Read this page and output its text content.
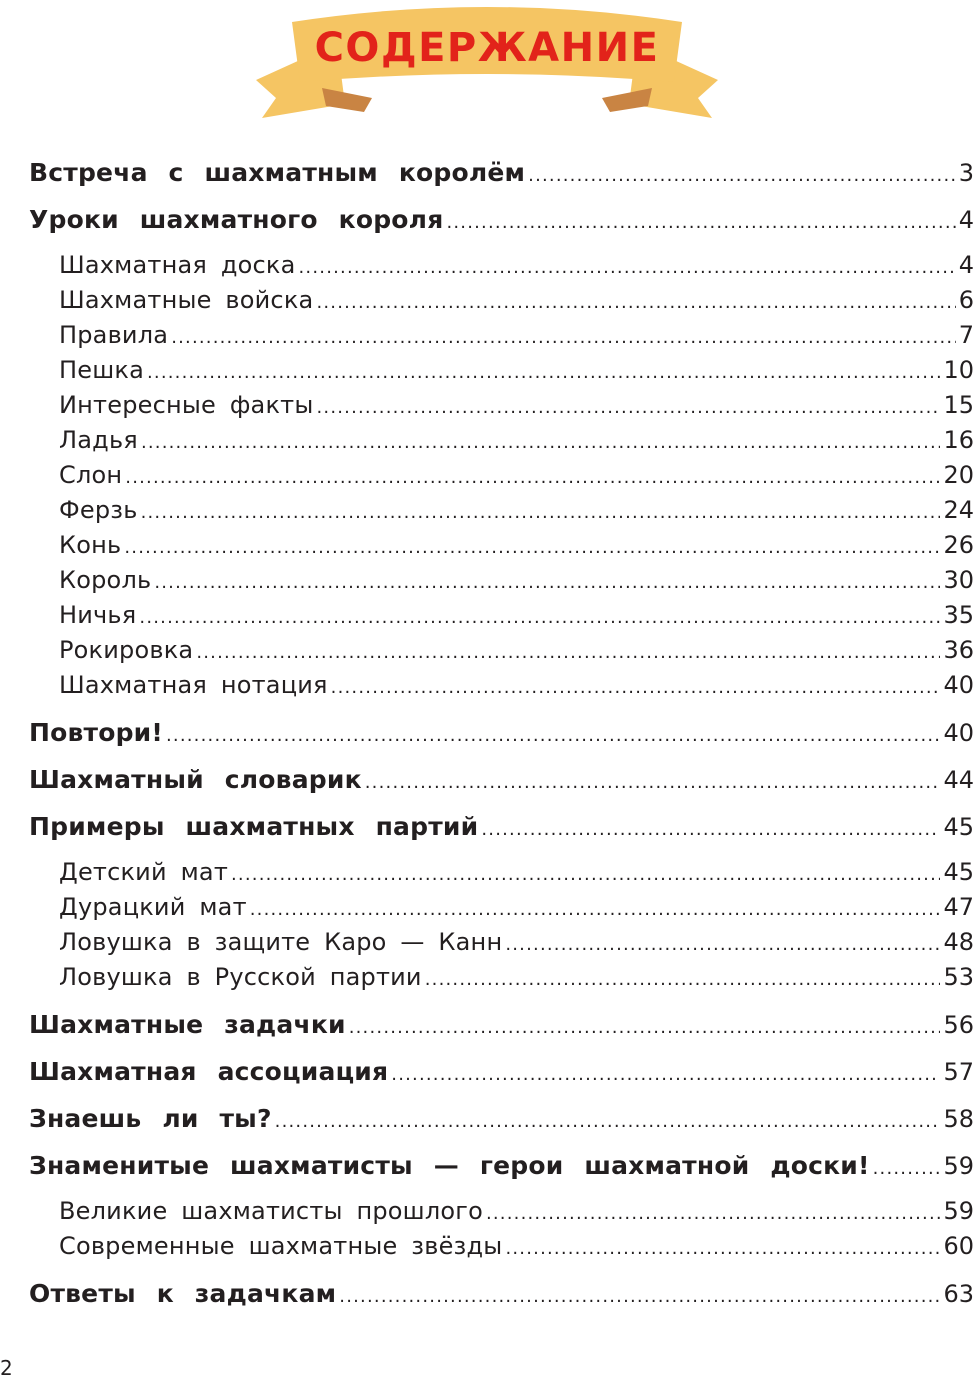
СОДЕРЖАНИЕ
Встреча с шахматным королём .....	3
Уроки шахматного короля .....	4
Шахматная доска .....	4
Шахматные войска .....	6
Правила .....	7
Пешка .....	10
Интересные факты .....	15
Ладья .....	16
Слон .....	20
Ферзь .....	24
Конь .....	26
Король .....	30
Ничья .....	35
Рокировка .....	36
Шахматная нотация .....	40
Повтори! .....	40
Шахматный словарик .....	44
Примеры шахматных партий .....	45
Детский мат .....	45
Дурацкий мат .....	47
Ловушка в защите Каро — Канн .....	48
Ловушка в Русской партии .....	53
Шахматные задачки .....	56
Шахматная ассоциация .....	57
Знаешь ли ты? .....	58
Знаменитые шахматисты — герои шахматной доски! .....	59
Великие шахматисты прошлого .....	59
Современные шахматные звёзды .....	60
Ответы к задачкам .....	63
2
